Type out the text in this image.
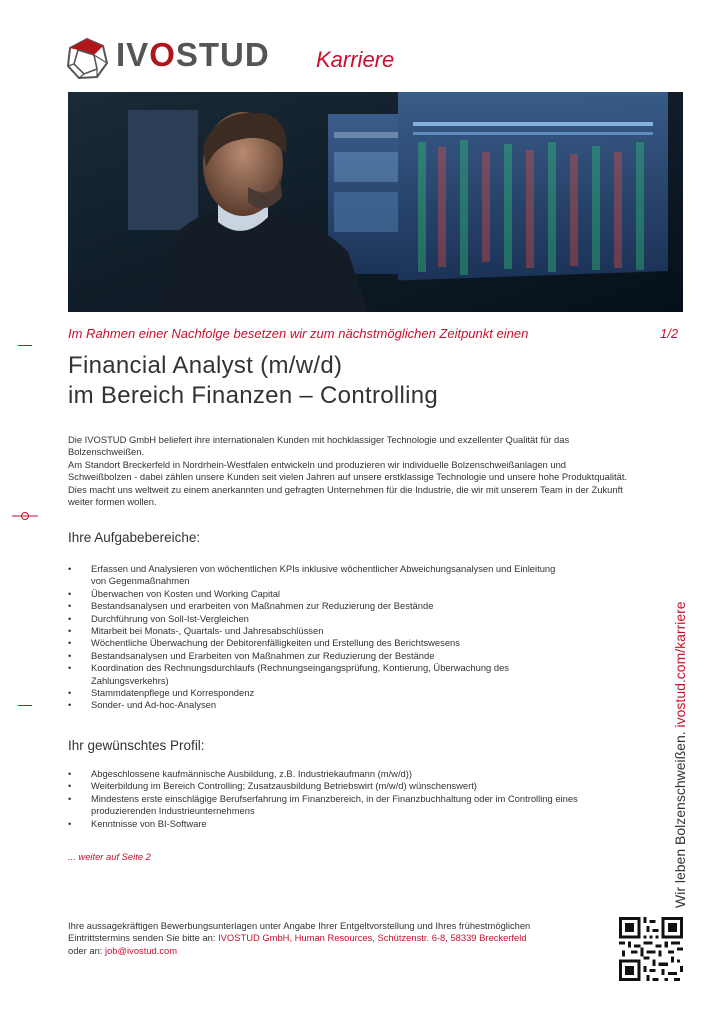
IVOSTUD Karriere
Im Rahmen einer Nachfolge besetzen wir zum nächstmöglichen Zeitpunkt einen	1/2
Financial Analyst (m/w/d)
im Bereich Finanzen – Controlling

Die IVOSTUD GmbH beliefert ihre internationalen Kunden mit hochklassiger Technologie und exzellenter Qualität für das Bolzenschweißen.

Am Standort Breckerfeld in Nordrhein-Westfalen entwickeln und produzieren wir individuelle Bolzenschweißanlagen und Schweißbolzen - dabei zählen unsere Kunden seit vielen Jahren auf unsere erstklassige Technologie und unsere hohe Produktqualität. Dies macht uns weltweit zu einem anerkannten und gefragten Unternehmen für die Industrie, die wir mit unserem Team in der Zukunft weiter formen wollen.

Ihre Aufgabebereiche:
• Erfassen und Analysieren von wöchentlichen KPIs inklusive wöchentlicher Abweichungsanalysen und Einleitung von Gegenmaßnahmen
• Überwachen von Kosten und Working Capital
• Bestandsanalysen und erarbeiten von Maßnahmen zur Reduzierung der Bestände
• Durchführung von Soll-Ist-Vergleichen
• Mitarbeit bei Monats-, Quartals- und Jahresabschlüssen
• Wöchentliche Überwachung der Debitorenfälligkeiten und Erstellung des Berichtswesens
• Bestandsanalysen und Erarbeiten von Maßnahmen zur Reduzierung der Bestände
• Koordination des Rechnungsdurchlaufs (Rechnungseingangsprüfung, Kontierung, Überwachung des Zahlungsverkehrs)
• Stammdatenpflege und Korrespondenz
• Sonder- und Ad-hoc-Analysen
Ihr gewünschtes Profil:
• Abgeschlossene kaufmännische Ausbildung, z.B. Industriekaufmann (m/w/d))
• Weiterbildung im Bereich Controlling; Zusatzausbildung Betriebswirt (m/w/d) wünschenswert)
• Mindestens erste einschlägige Berufserfahrung im Finanzbereich, in der Finanzbuchhaltung oder im Controlling eines produzierenden Industrieunternehmens
• Kenntnisse von BI-Software
... weiter auf Seite 2

Ihre aussagekräftigen Bewerbungsunterlagen unter Angabe Ihrer Entgeltvorstellung und Ihres frühestmöglichen

Eintrittstermins senden Sie bitte an: IVOSTUD GmbH, Human Resources, Schützenstr. 6-8, 58339 Breckerfeld

oder an: job@ivostud.com

Wir leben Bolzenschweißen. ivostud.com/karriere
